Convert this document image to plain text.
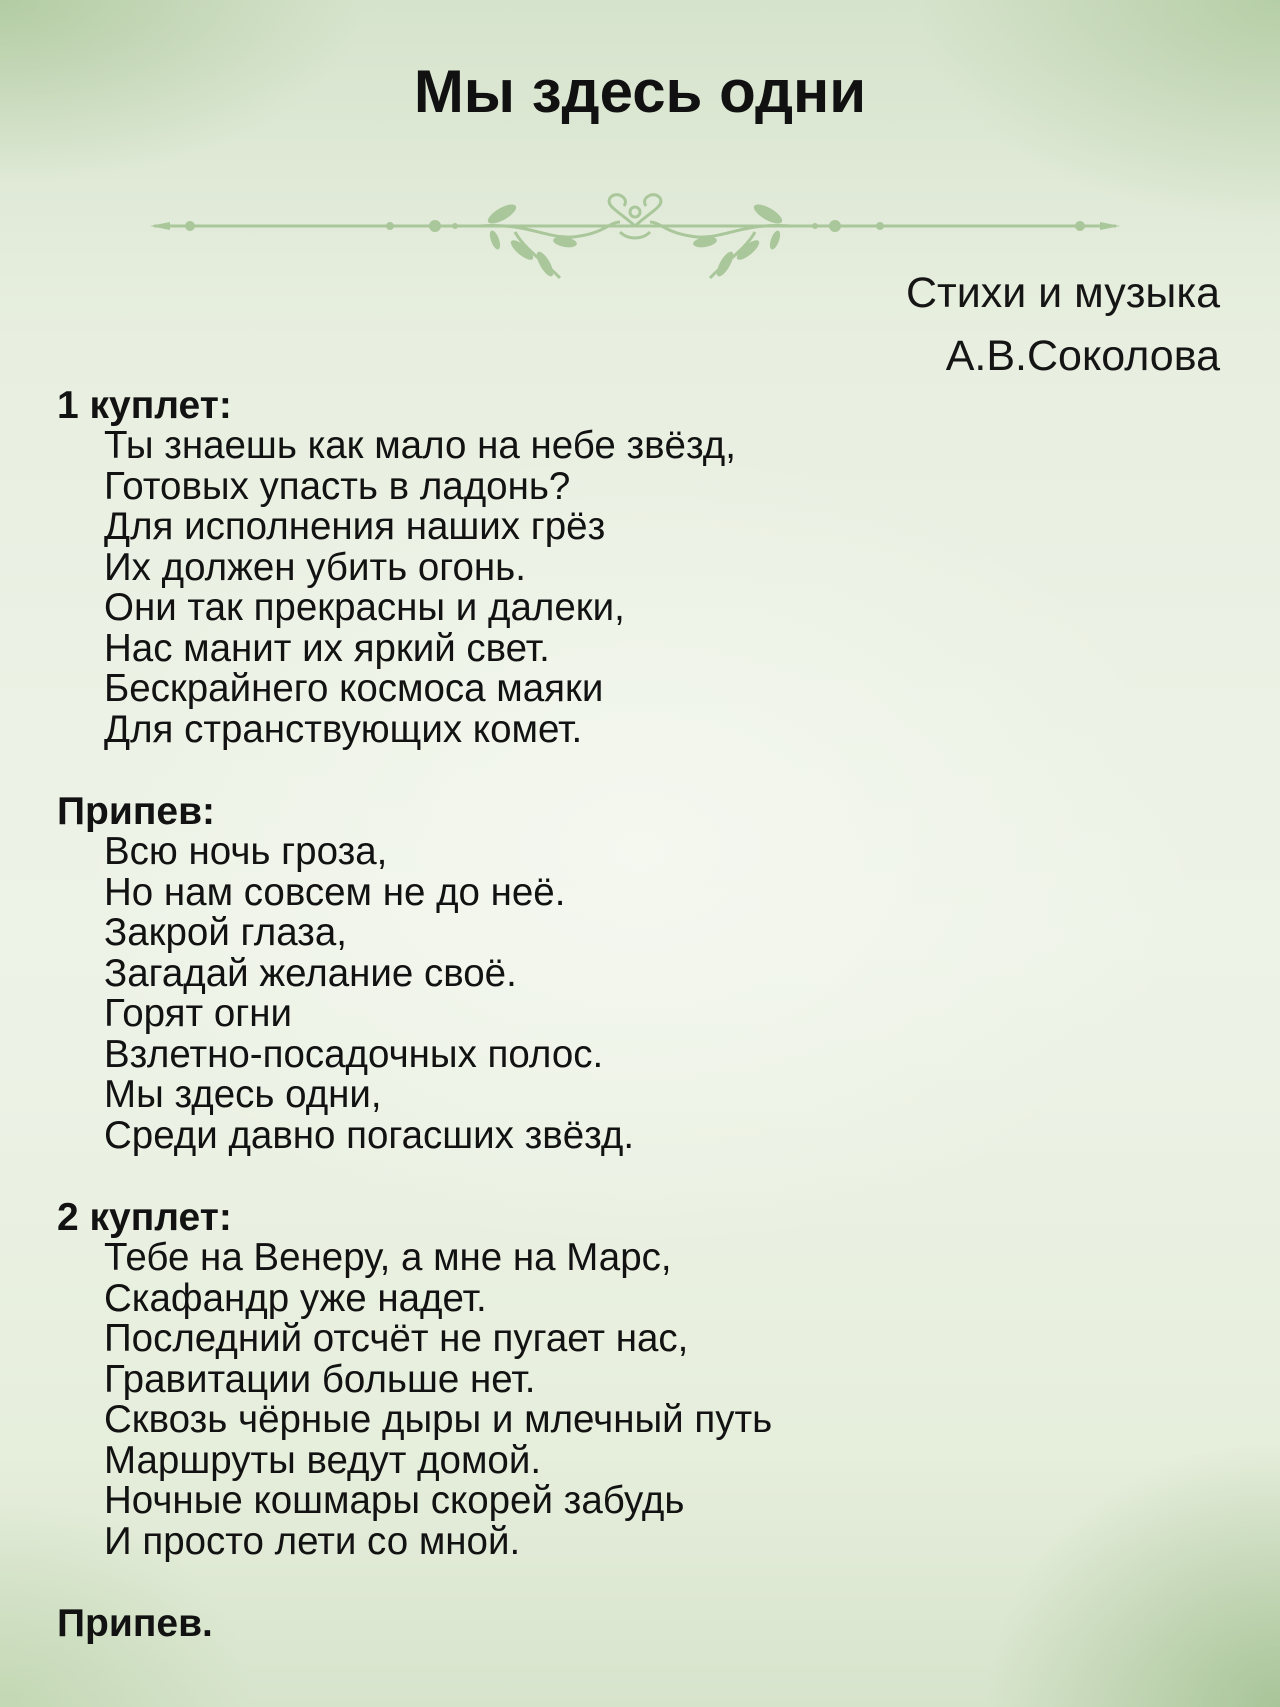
Мы здесь одни
Стихи и музыка
А.В.Соколова
1 куплет:
Ты знаешь как мало на небе звёзд,
Готовых упасть в ладонь?
Для исполнения наших грёз
Их должен убить огонь.
Они так прекрасны и далеки,
Нас манит их яркий свет.
Бескрайнего космоса маяки
Для странствующих комет.
Припев:
Всю ночь гроза,
Но нам совсем не до неё.
Закрой глаза,
Загадай желание своё.
Горят огни
Взлетно-посадочных полос.
Мы здесь одни,
Среди давно погасших звёзд.
2 куплет:
Тебе на Венеру, а мне на Марс,
Скафандр уже надет.
Последний отсчёт не пугает нас,
Гравитации больше нет.
Сквозь чёрные дыры и млечный путь
Маршруты ведут домой.
Ночные кошмары скорей забудь
И просто лети со мной.
Припев.
